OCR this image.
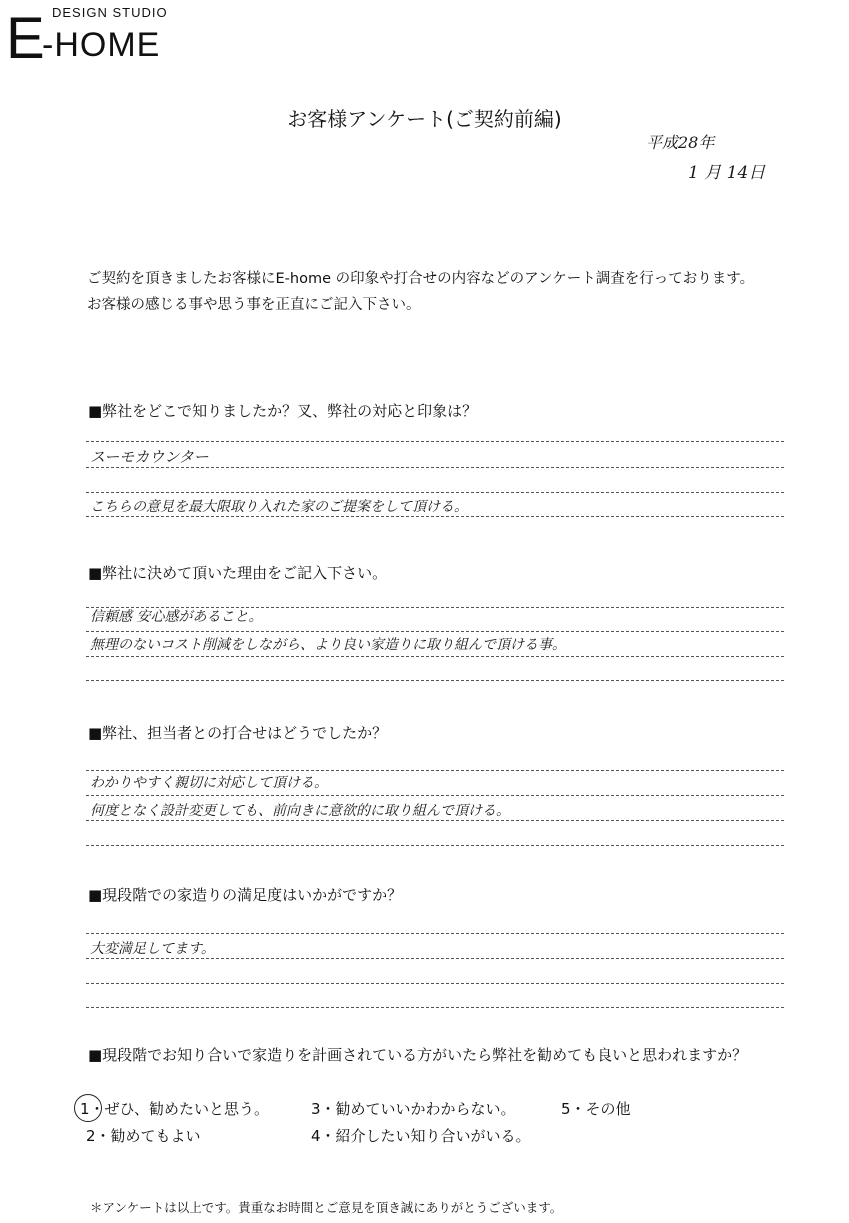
E -HOME
DESIGN STUDIO
お客様アンケート(ご契約前編)
平成28年
1 月 14日
ご契約を頂きましたお客様にE-home の印象や打合せの内容などのアンケート調査を行っております。
お客様の感じる事や思う事を正直にご記入下さい。
■弊社をどこで知りましたか？叉、弊社の対応と印象は？
スーモカウンター
こちらの意見を最大限取り入れた家のご提案をして頂ける。
■弊社に決めて頂いた理由をご記入下さい。
信頼感 安心感があること。
無理のないコスト削減をしながら、より良い家造りに取り組んで頂ける事。
■弊社、担当者との打合せはどうでしたか？
わかりやすく親切に対応して頂ける。
何度となく設計変更しても、前向きに意欲的に取り組んで頂ける。
■現段階での家造りの満足度はいかがですか？
大変満足してます。
■現段階でお知り合いで家造りを計画されている方がいたら弊社を勧めても良いと思われますか？
1・ぜひ、勧めたいと思う。
2・勧めてもよい
3・勧めていいかわからない。
4・紹介したい知り合いがいる。
5・その他
＊アンケートは以上です。貴重なお時間とご意見を頂き誠にありがとうございます。
